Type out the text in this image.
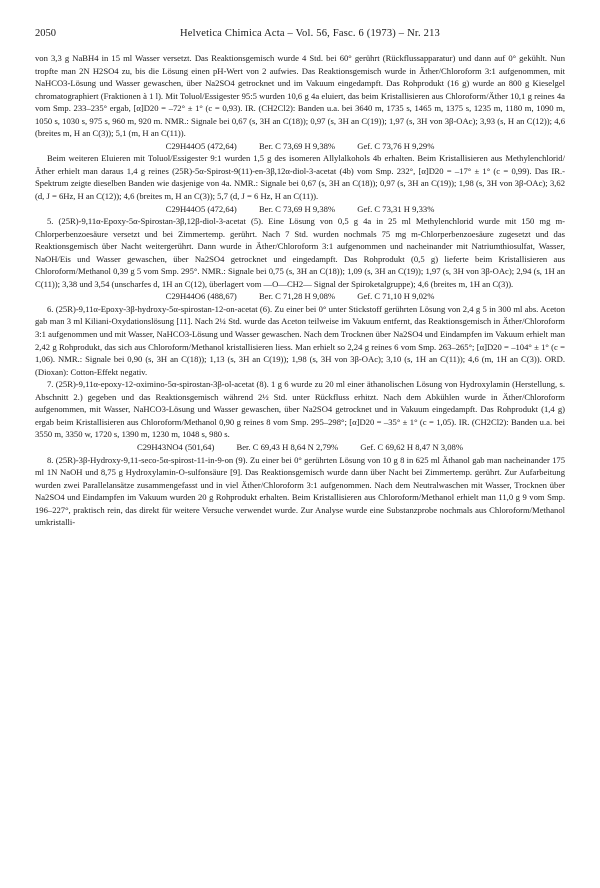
2050	Helvetica Chimica Acta – Vol. 56, Fasc. 6 (1973) – Nr. 213

von 3,3 g NaBH4 in 15 ml Wasser versetzt. Das Reaktionsgemisch wurde 4 Std. bei 60° gerührt (Rückflussapparatur) und dann auf 0° gekühlt. Nun tropfte man 2N H2SO4 zu, bis die Lösung einen pH-Wert von 2 aufwies. Das Reaktionsgemisch wurde in Äther/Chloroform 3:1 aufgenommen, mit NaHCO3-Lösung und Wasser gewaschen, über Na2SO4 getrocknet und im Vakuum eingedampft. Das Rohprodukt (16 g) wurde an 800 g Kieselgel chromatographiert (Fraktionen à 1 l). Mit Toluol/Essigester 95:5 wurden 10,6 g 4a eluiert, das beim Kristallisieren aus Chloroform/Äther 10,1 g reines 4a vom Smp. 233–235° ergab, [α]D20 = –72° ± 1° (c = 0,93). IR. (CH2Cl2): Banden u.a. bei 3640 m, 1735 s, 1465 m, 1375 s, 1235 m, 1180 m, 1090 m, 1050 s, 1030 s, 975 s, 960 m, 920 m. NMR.: Signale bei 0,67 (s, 3H an C(18)); 0,97 (s, 3H an C(19)); 1,97 (s, 3H von 3β-OAc); 3,93 (s, H an C(12)); 4,6 (breites m, H an C(3)); 5,1 (m, H an C(11)).

C29H44O5 (472,64)	Ber. C 73,69 H 9,38%	Gef. C 73,76 H 9,29%

Beim weiteren Eluieren mit Toluol/Essigester 9:1 wurden 1,5 g des isomeren Allylalkohols 4b erhalten. Beim Kristallisieren aus Methylenchlorid/Äther erhielt man daraus 1,4 g reines (25R)-5α-Spirost-9(11)-en-3β,12α-diol-3-acetat (4b) vom Smp. 232°, [α]D20 = –17° ± 1° (c = 0,99). Das IR.-Spektrum zeigte dieselben Banden wie dasjenige von 4a. NMR.: Signale bei 0,67 (s, 3H an C(18)); 0,97 (s, 3H an C(19)); 1,98 (s, 3H von 3β-OAc); 3,62 (d, J = 6Hz, H an C(12)); 4,6 (breites m, H an C(3)); 5,7 (d, J = 6 Hz, H an C(11)).

C29H44O5 (472,64)	Ber. C 73,69 H 9,38%	Gef. C 73,31 H 9,33%

5. (25R)-9,11α-Epoxy-5α-Spirostan-3β,12β-diol-3-acetat (5). Eine Lösung von 0,5 g 4a in 25 ml Methylenchlorid wurde mit 150 mg m-Chlorperbenzoesäure versetzt und bei Zimmertemp. gerührt. Nach 7 Std. wurden nochmals 75 mg m-Chlorperbenzoesäure zugesetzt und das Reaktionsgemisch über Nacht weitergerührt. Dann wurde in Äther/Chloroform 3:1 aufgenommen und nacheinander mit Natriumthiosulfat, Wasser, NaOH/Eis und Wasser gewaschen, über Na2SO4 getrocknet und eingedampft. Das Rohprodukt (0,5 g) lieferte beim Kristallisieren aus Chloroform/Methanol 0,39 g 5 vom Smp. 295°. NMR.: Signale bei 0,75 (s, 3H an C(18)); 1,09 (s, 3H an C(19)); 1,97 (s, 3H von 3β-OAc); 2,94 (s, 1H an C(11)); 3,38 und 3,54 (unscharfes d, 1H an C(12), überlagert vom —O—CH2— Signal der Spiroketalgruppe); 4,6 (breites m, 1H an C(3)).

C29H44O6 (488,67)	Ber. C 71,28 H 9,08%	Gef. C 71,10 H 9,02%

6. (25R)-9,11α-Epoxy-3β-hydroxy-5α-spirostan-12-on-acetat (6). Zu einer bei 0° unter Stickstoff gerührten Lösung von 2,4 g 5 in 300 ml abs. Aceton gab man 3 ml Kiliani-Oxydationslösung [11]. Nach 2¼ Std. wurde das Aceton teilweise im Vakuum entfernt, das Reaktionsgemisch in Äther/Chloroform 3:1 aufgenommen und mit Wasser, NaHCO3-Lösung und Wasser gewaschen. Nach dem Trocknen über Na2SO4 und Eindampfen im Vakuum erhielt man 2,42 g Rohprodukt, das sich aus Chloroform/Methanol kristallisieren liess. Man erhielt so 2,24 g reines 6 vom Smp. 263–265°; [α]D20 = –104° ± 1° (c = 1,06). NMR.: Signale bei 0,90 (s, 3H an C(18)); 1,13 (s, 3H an C(19)); 1,98 (s, 3H von 3β-OAc); 3,10 (s, 1H an C(11)); 4,6 (m, 1H an C(3)). ORD. (Dioxan): Cotton-Effekt negativ.

7. (25R)-9,11α-epoxy-12-oximino-5α-spirostan-3β-ol-acetat (8). 1 g 6 wurde zu 20 ml einer äthanolischen Lösung von Hydroxylamin (Herstellung, s. Abschnitt 2.) gegeben und das Reaktionsgemisch während 2½ Std. unter Rückfluss erhitzt. Nach dem Abkühlen wurde in Äther/Chloroform aufgenommen, mit Wasser, NaHCO3-Lösung und Wasser gewaschen, über Na2SO4 getrocknet und in Vakuum eingedampft. Das Rohprodukt (1,4 g) ergab beim Kristallisieren aus Chloroform/Methanol 0,90 g reines 8 vom Smp. 295–298°; [α]D20 = –35° ± 1° (c = 1,05). IR. (CH2Cl2): Banden u.a. bei 3550 m, 3350 w, 1720 s, 1390 m, 1230 m, 1048 s, 980 s.

C29H43NO4 (501,64)	Ber. C 69,43 H 8,64 N 2,79%	Gef. C 69,62 H 8,47 N 3,08%

8. (25R)-3β-Hydroxy-9,11-seco-5α-spirost-11-in-9-on (9). Zu einer bei 0° gerührten Lösung von 10 g 8 in 625 ml Äthanol gab man nacheinander 175 ml 1N NaOH und 8,75 g Hydroxylamin-O-sulfonsäure [9]. Das Reaktionsgemisch wurde dann über Nacht bei Zimmertemp. gerührt. Zur Aufarbeitung wurden zwei Parallelansätze zusammengefasst und in viel Äther/Chloroform 3:1 aufgenommen. Nach dem Neutralwaschen mit Wasser, Trocknen über Na2SO4 und Eindampfen im Vakuum wurden 20 g Rohprodukt erhalten. Beim Kristallisieren aus Chloroform/Methanol erhielt man 11,0 g 9 vom Smp. 196–227°, praktisch rein, das direkt für weitere Versuche verwendet wurde. Zur Analyse wurde eine Substanzprobe nochmals aus Chloroform/Methanol umkristalli-
